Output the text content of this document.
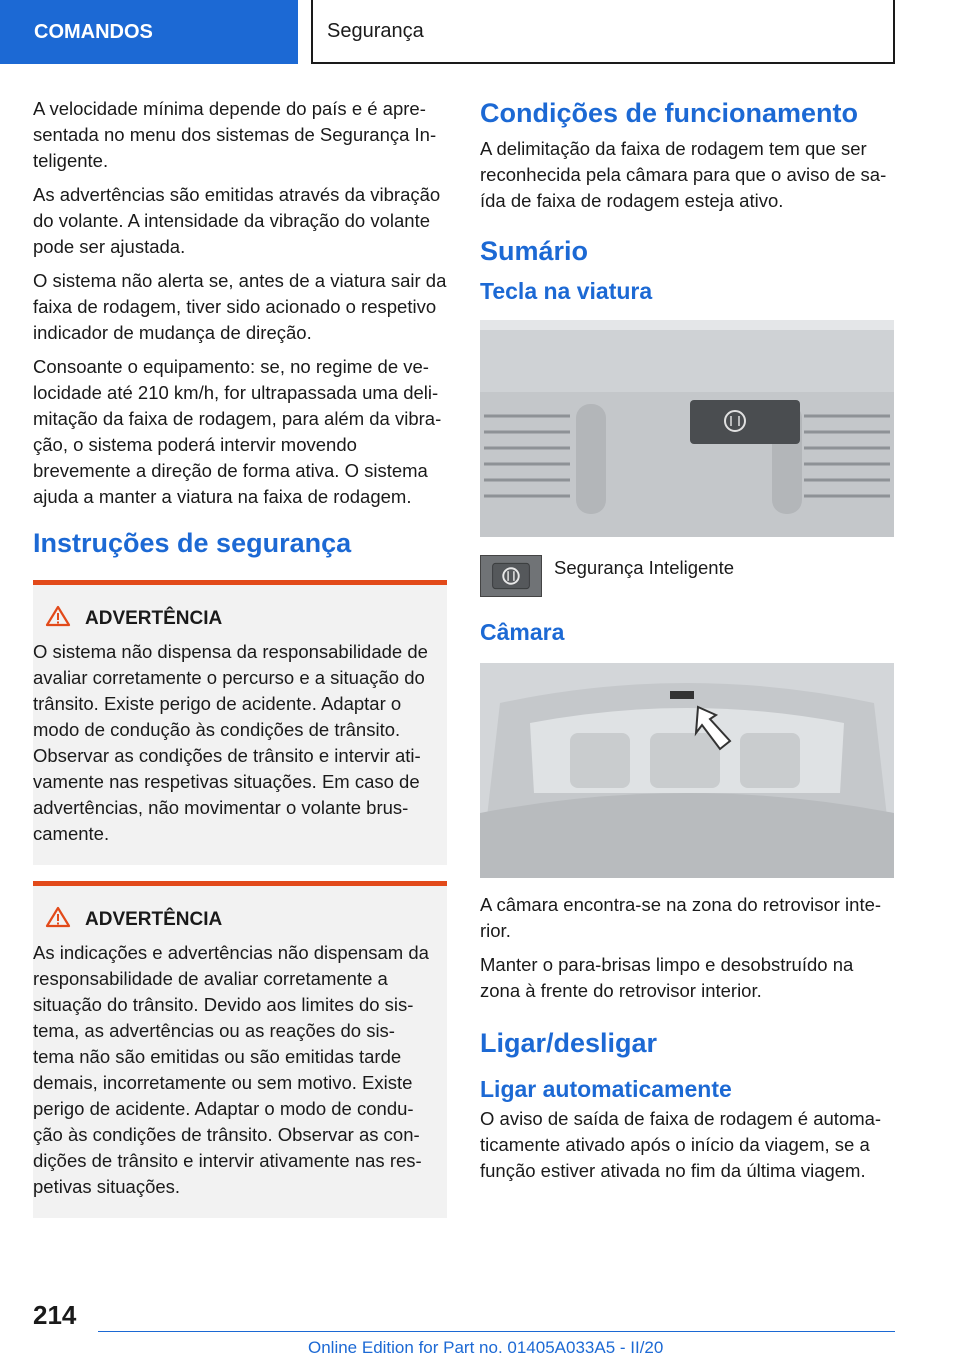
COMANDOS	Segurança

A velocidade mínima depende do país e é apre-sentada no menu dos sistemas de Segurança In-teligente.

As advertências são emitidas através da vibração do volante. A intensidade da vibração do volante pode ser ajustada.

O sistema não alerta se, antes de a viatura sair da faixa de rodagem, tiver sido acionado o respetivo indicador de mudança de direção.

Consoante o equipamento: se, no regime de ve-locidade até 210 km/h, for ultrapassada uma deli-mitação da faixa de rodagem, para além da vibra-ção, o sistema poderá intervir movendo brevemente a direção de forma ativa. O sistema ajuda a manter a viatura na faixa de rodagem.

Instruções de segurança
ADVERTÊNCIA

O sistema não dispensa da responsabilidade de avaliar corretamente o percurso e a situação do trânsito. Existe perigo de acidente. Adaptar o modo de condução às condições de trânsito. Observar as condições de trânsito e intervir ati-vamente nas respetivas situações. Em caso de advertências, não movimentar o volante brus-camente.

ADVERTÊNCIA

As indicações e advertências não dispensam da responsabilidade de avaliar corretamente a situação do trânsito. Devido aos limites do sis-tema, as advertências ou as reações do sis-tema não são emitidas ou são emitidas tarde demais, incorretamente ou sem motivo. Existe perigo de acidente. Adaptar o modo de condu-ção às condições de trânsito. Observar as con-dições de trânsito e intervir ativamente nas res-petivas situações.

Condições de funcionamento

A delimitação da faixa de rodagem tem que ser reconhecida pela câmara para que o aviso de sa-ída de faixa de rodagem esteja ativo.

Sumário
Tecla na viatura

Segurança Inteligente

Câmara

A câmara encontra-se na zona do retrovisor inte-rior.

Manter o para-brisas limpo e desobstruído na zona à frente do retrovisor interior.

Ligar/desligar
Ligar automaticamente

O aviso de saída de faixa de rodagem é automa-ticamente ativado após o início da viagem, se a função estiver ativada no fim da última viagem.

214
Online Edition for Part no. 01405A033A5 - II/20
